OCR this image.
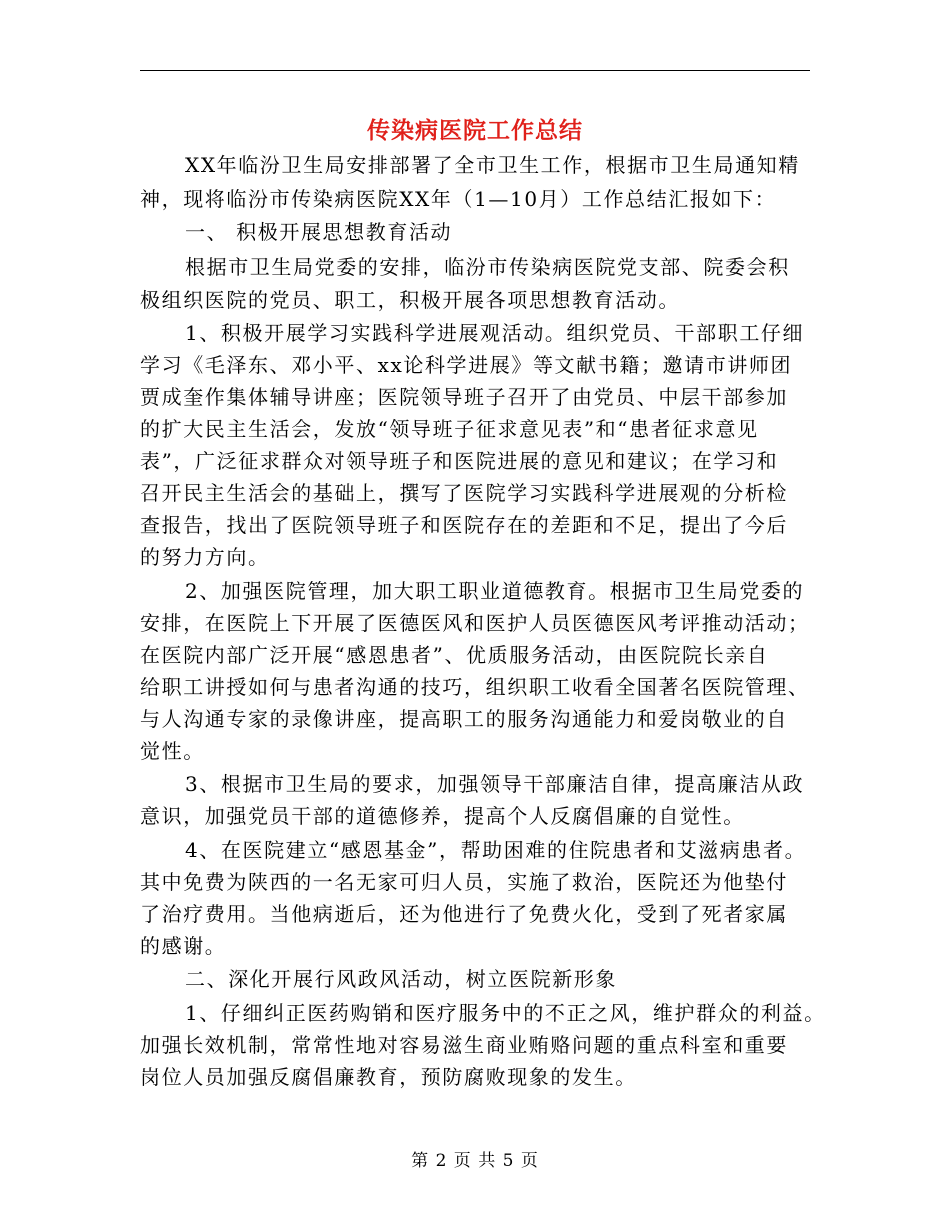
传染病医院工作总结
XX年临汾卫生局安排部署了全市卫生工作，根据市卫生局通知精
神，现将临汾市传染病医院XX年（1—10月）工作总结汇报如下：
一、 积极开展思想教育活动
根据市卫生局党委的安排，临汾市传染病医院党支部、院委会积
极组织医院的党员、职工，积极开展各项思想教育活动。
1、积极开展学习实践科学进展观活动。组织党员、干部职工仔细
学习《毛泽东、邓小平、xx论科学进展》等文献书籍；邀请市讲师团
贾成奎作集体辅导讲座；医院领导班子召开了由党员、中层干部参加
的扩大民主生活会，发放“领导班子征求意见表”和“患者征求意见
表”，广泛征求群众对领导班子和医院进展的意见和建议；在学习和
召开民主生活会的基础上，撰写了医院学习实践科学进展观的分析检
查报告，找出了医院领导班子和医院存在的差距和不足，提出了今后
的努力方向。
2、加强医院管理，加大职工职业道德教育。根据市卫生局党委的
安排，在医院上下开展了医德医风和医护人员医德医风考评推动活动；
在医院内部广泛开展“感恩患者”、优质服务活动，由医院院长亲自
给职工讲授如何与患者沟通的技巧，组织职工收看全国著名医院管理、
与人沟通专家的录像讲座，提高职工的服务沟通能力和爱岗敬业的自
觉性。
3、根据市卫生局的要求，加强领导干部廉洁自律，提高廉洁从政
意识，加强党员干部的道德修养，提高个人反腐倡廉的自觉性。
4、在医院建立“感恩基金”，帮助困难的住院患者和艾滋病患者。
其中免费为陕西的一名无家可归人员，实施了救治，医院还为他垫付
了治疗费用。当他病逝后，还为他进行了免费火化，受到了死者家属
的感谢。
二、深化开展行风政风活动，树立医院新形象
1、仔细纠正医药购销和医疗服务中的不正之风，维护群众的利益。
加强长效机制，常常性地对容易滋生商业贿赂问题的重点科室和重要
岗位人员加强反腐倡廉教育，预防腐败现象的发生。
第 2 页 共 5 页
